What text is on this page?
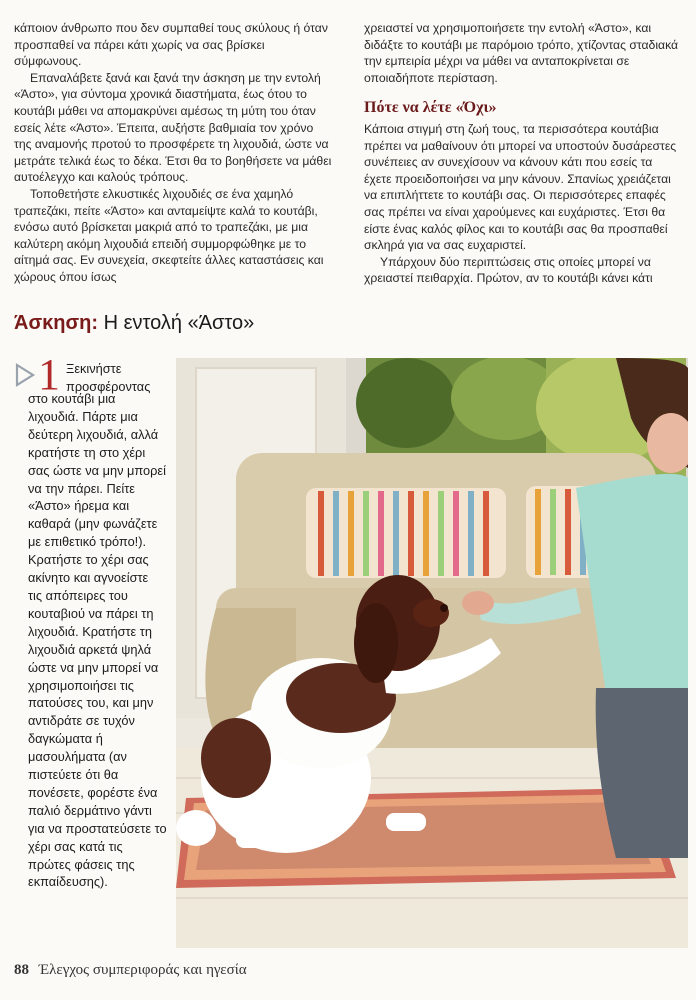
κάποιον άνθρωπο που δεν συμπαθεί τους σκύλους ή όταν προσπαθεί να πάρει κάτι χωρίς να σας βρίσκει σύμφωνους.

Επαναλάβετε ξανά και ξανά την άσκηση με την εντολή «Άστο», για σύντομα χρονικά διαστήματα, έως ότου το κουτάβι μάθει να απομακρύνει αμέσως τη μύτη του όταν εσείς λέτε «Άστο». Έπειτα, αυξήστε βαθμιαία τον χρόνο της αναμονής προτού το προσφέρετε τη λιχουδιά, ώστε να μετράτε τελικά έως το δέκα. Έτσι θα το βοηθήσετε να μάθει αυτοέλεγχο και καλούς τρόπους.

Τοποθετήστε ελκυστικές λιχουδιές σε ένα χαμηλό τραπεζάκι, πείτε «Άστο» και ανταμείψτε καλά το κουτάβι, ενόσω αυτό βρίσκεται μακριά από το τραπεζάκι, με μια καλύτερη ακόμη λιχουδιά επειδή συμμορφώθηκε με το αίτημά σας. Εν συνεχεία, σκεφτείτε άλλες καταστάσεις και χώρους όπου ίσως

χρειαστεί να χρησιμοποιήσετε την εντολή «Άστο», και διδάξτε το κουτάβι με παρόμοιο τρόπο, χτίζοντας σταδιακά την εμπειρία μέχρι να μάθει να ανταποκρίνεται σε οποιαδήποτε περίσταση.

Πότε να λέτε «Όχι»

Κάποια στιγμή στη ζωή τους, τα περισσότερα κουτάβια πρέπει να μαθαίνουν ότι μπορεί να υποστούν δυσάρεστες συνέπειες αν συνεχίσουν να κάνουν κάτι που εσείς τα έχετε προειδοποιήσει να μην κάνουν. Σπανίως χρειάζεται να επιπλήττετε το κουτάβι σας. Οι περισσότερες επαφές σας πρέπει να είναι χαρούμενες και ευχάριστες. Έτσι θα είστε ένας καλός φίλος και το κουτάβι σας θα προσπαθεί σκληρά για να σας ευχαριστεί.

Υπάρχουν δύο περιπτώσεις στις οποίες μπορεί να χρειαστεί πειθαρχία. Πρώτον, αν το κουτάβι κάνει κάτι

Άσκηση: Η εντολή «Άστο»
1 Ξεκινήστε
προσφέροντας
στο κουτάβι μια
λιχουδιά. Πάρτε μια
δεύτερη λιχουδιά, αλλά
κρατήστε τη στο χέρι
σας ώστε να μην μπορεί
να την πάρει. Πείτε
«Άστο» ήρεμα και
καθαρά (μην φωνάζετε
με επιθετικό τρόπο!).
Κρατήστε το χέρι σας
ακίνητο και αγνοείστε
τις απόπειρες του
κουταβιού να πάρει τη
λιχουδιά. Κρατήστε τη
λιχουδιά αρκετά ψηλά
ώστε να μην μπορεί να
χρησιμοποιήσει τις
πατούσες του, και μην
αντιδράτε σε τυχόν
δαγκώματα ή
μασουλήματα (αν
πιστεύετε ότι θα
πονέσετε, φορέστε ένα
παλιό δερμάτινο γάντι
για να προστατεύσετε το
χέρι σας κατά τις
πρώτες φάσεις της
εκπαίδευσης).
88 Έλεγχος συμπεριφοράς και ηγεσία
